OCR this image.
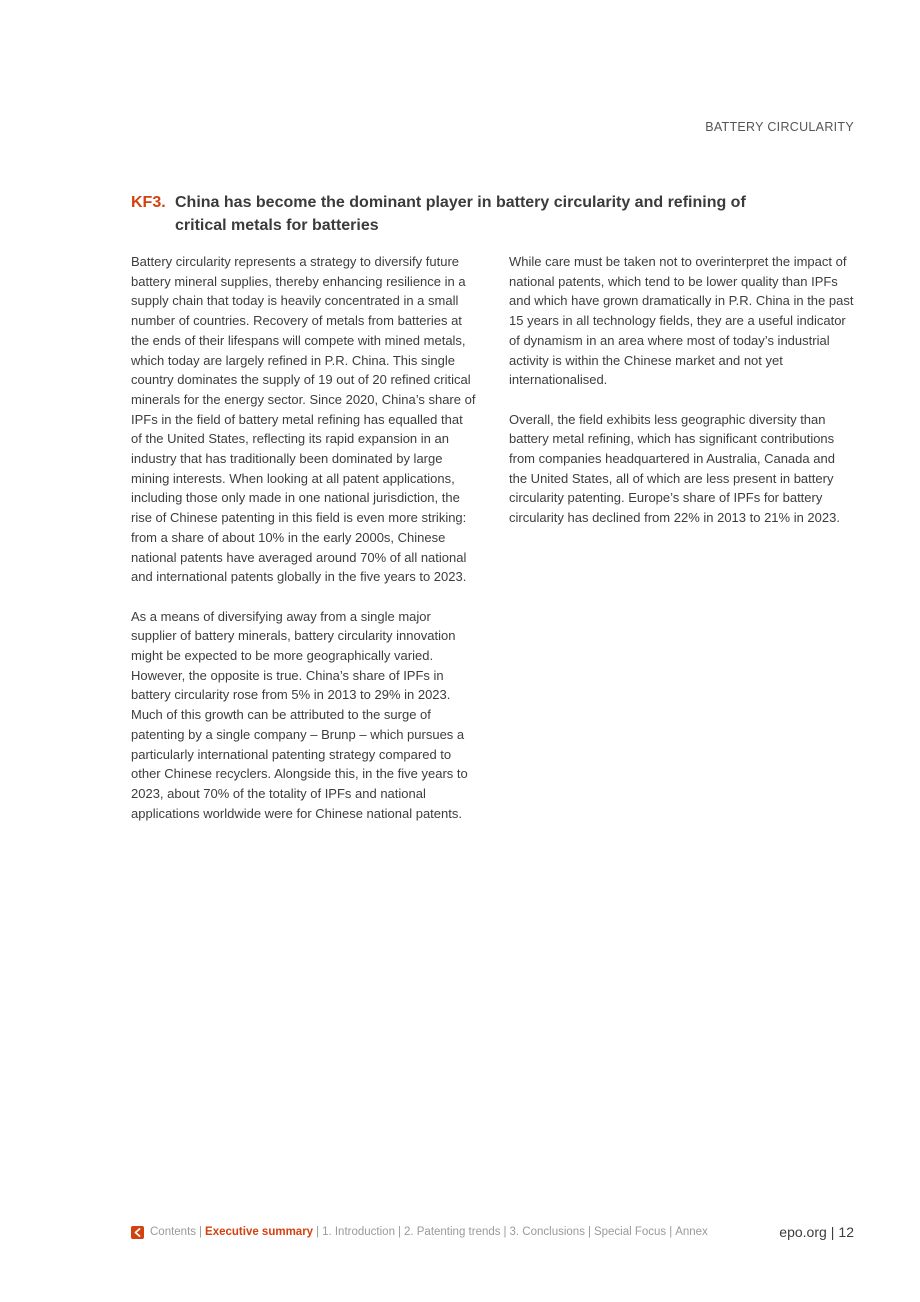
BATTERY CIRCULARITY
KF3. China has become the dominant player in battery circularity and refining of critical metals for batteries

Battery circularity represents a strategy to diversify future battery mineral supplies, thereby enhancing resilience in a supply chain that today is heavily concentrated in a small number of countries. Recovery of metals from batteries at the ends of their lifespans will compete with mined metals, which today are largely refined in P.R. China. This single country dominates the supply of 19 out of 20 refined critical minerals for the energy sector. Since 2020, China’s share of IPFs in the field of battery metal refining has equalled that of the United States, reflecting its rapid expansion in an industry that has traditionally been dominated by large mining interests. When looking at all patent applications, including those only made in one national jurisdiction, the rise of Chinese patenting in this field is even more striking: from a share of about 10% in the early 2000s, Chinese national patents have averaged around 70% of all national and international patents globally in the five years to 2023.

As a means of diversifying away from a single major supplier of battery minerals, battery circularity innovation might be expected to be more geographically varied. However, the opposite is true. China’s share of IPFs in battery circularity rose from 5% in 2013 to 29% in 2023. Much of this growth can be attributed to the surge of patenting by a single company – Brunp – which pursues a particularly international patenting strategy compared to other Chinese recyclers. Alongside this, in the five years to 2023, about 70% of the totality of IPFs and national applications worldwide were for Chinese national patents.

While care must be taken not to overinterpret the impact of national patents, which tend to be lower quality than IPFs and which have grown dramatically in P.R. China in the past 15 years in all technology fields, they are a useful indicator of dynamism in an area where most of today’s industrial activity is within the Chinese market and not yet internationalised.

Overall, the field exhibits less geographic diversity than battery metal refining, which has significant contributions from companies headquartered in Australia, Canada and the United States, all of which are less present in battery circularity patenting. Europe’s share of IPFs for battery circularity has declined from 22% in 2013 to 21% in 2023.

Contents | Executive summary | 1. Introduction | 2. Patenting trends | 3. Conclusions | Special Focus | Annex	epo.org | 12
